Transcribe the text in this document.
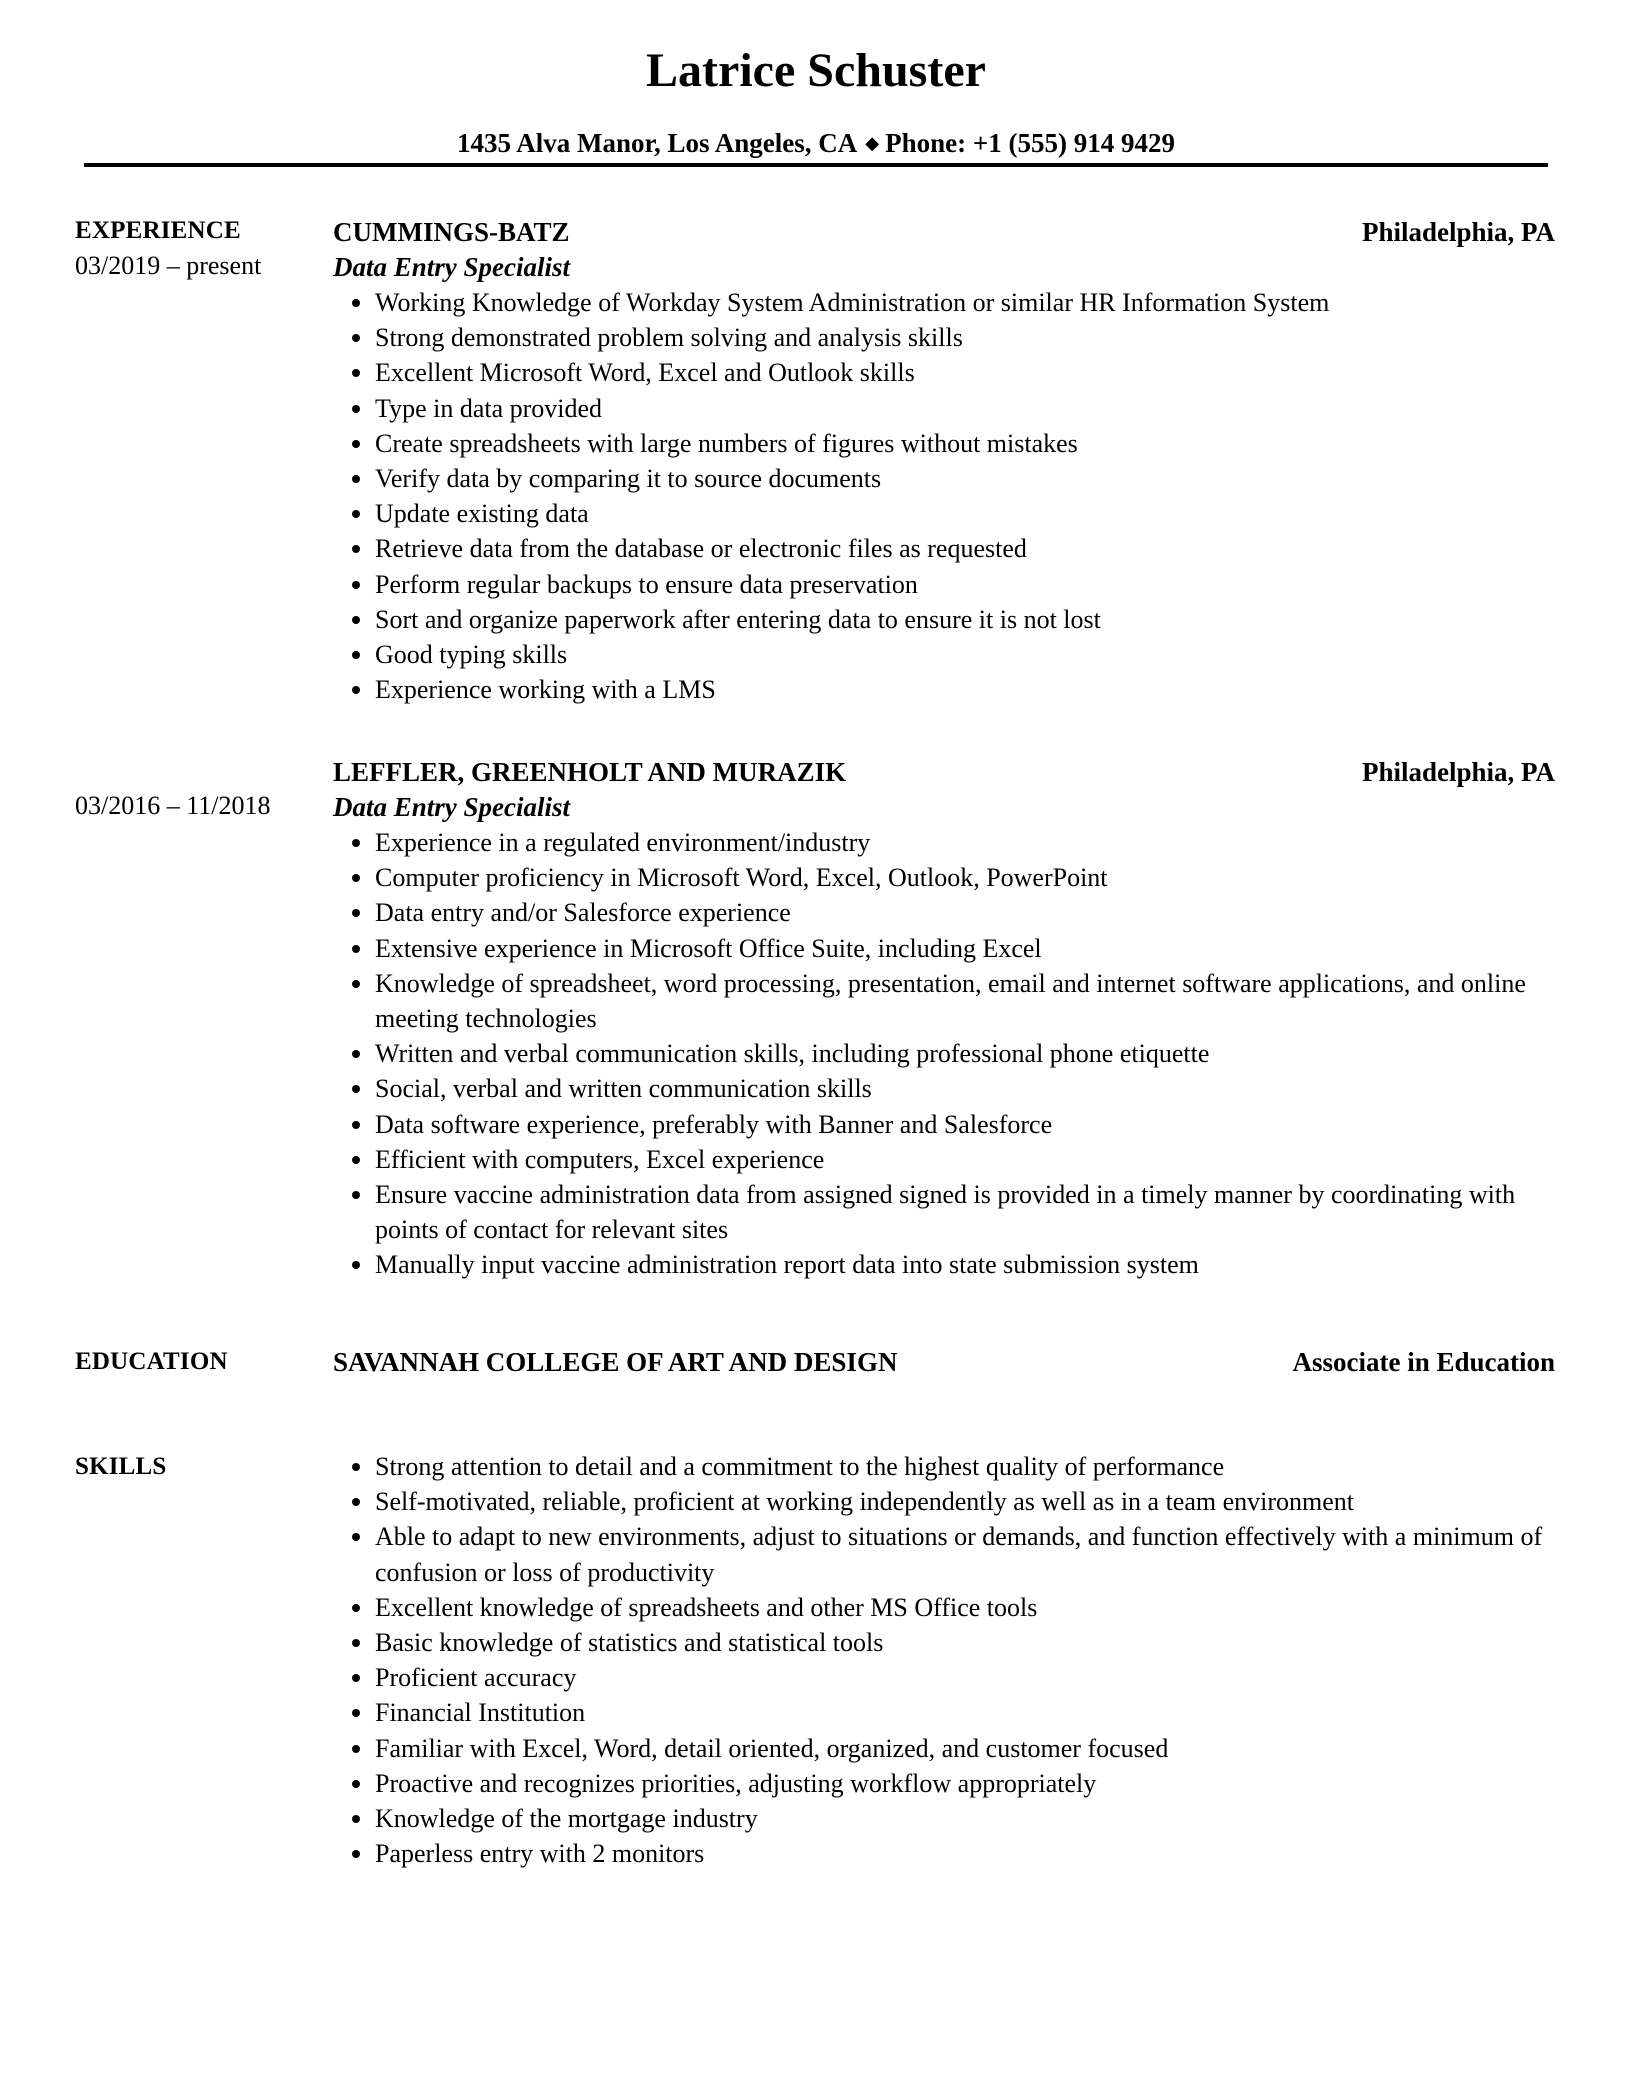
Latrice Schuster
1435 Alva Manor, Los Angeles, CA ◆ Phone: +1 (555) 914 9429
EXPERIENCE
03/2019 – present
CUMMINGS-BATZ	Philadelphia, PA
Data Entry Specialist
Working Knowledge of Workday System Administration or similar HR Information System
Strong demonstrated problem solving and analysis skills
Excellent Microsoft Word, Excel and Outlook skills
Type in data provided
Create spreadsheets with large numbers of figures without mistakes
Verify data by comparing it to source documents
Update existing data
Retrieve data from the database or electronic files as requested
Perform regular backups to ensure data preservation
Sort and organize paperwork after entering data to ensure it is not lost
Good typing skills
Experience working with a LMS
03/2016 – 11/2018
LEFFLER, GREENHOLT AND MURAZIK	Philadelphia, PA
Data Entry Specialist
Experience in a regulated environment/industry
Computer proficiency in Microsoft Word, Excel, Outlook, PowerPoint
Data entry and/or Salesforce experience
Extensive experience in Microsoft Office Suite, including Excel
Knowledge of spreadsheet, word processing, presentation, email and internet software applications, and online meeting technologies
Written and verbal communication skills, including professional phone etiquette
Social, verbal and written communication skills
Data software experience, preferably with Banner and Salesforce
Efficient with computers, Excel experience
Ensure vaccine administration data from assigned signed is provided in a timely manner by coordinating with points of contact for relevant sites
Manually input vaccine administration report data into state submission system
EDUCATION	SAVANNAH COLLEGE OF ART AND DESIGN	Associate in Education
SKILLS	Strong attention to detail and a commitment to the highest quality of performance
Self-motivated, reliable, proficient at working independently as well as in a team environment
Able to adapt to new environments, adjust to situations or demands, and function effectively with a minimum of confusion or loss of productivity
Excellent knowledge of spreadsheets and other MS Office tools
Basic knowledge of statistics and statistical tools
Proficient accuracy
Financial Institution
Familiar with Excel, Word, detail oriented, organized, and customer focused
Proactive and recognizes priorities, adjusting workflow appropriately
Knowledge of the mortgage industry
Paperless entry with 2 monitors
